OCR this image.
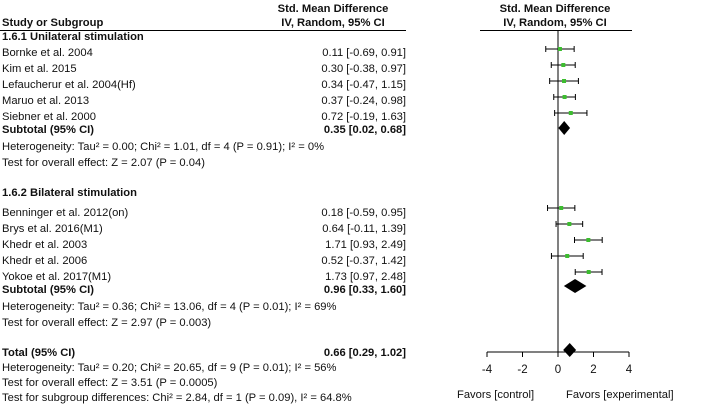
Study or Subgroup
Std. Mean Difference
IV, Random, 95% CI
Std. Mean Difference
IV, Random, 95% CI
1.6.1 Unilateral stimulation
Bornke et al. 2004	0.11 [-0.69, 0.91]
Kim et al. 2015	0.30 [-0.38, 0.97]
Lefaucherur et al. 2004(Hf)	0.34 [-0.47, 1.15]
Maruo et al. 2013	0.37 [-0.24, 0.98]
Siebner et al. 2000	0.72 [-0.19, 1.63]
Subtotal (95% CI)	0.35 [0.02, 0.68]
Heterogeneity: Tau² = 0.00; Chi² = 1.01, df = 4 (P = 0.91); I² = 0%
Test for overall effect: Z = 2.07 (P = 0.04)
1.6.2 Bilateral stimulation
Benninger et al. 2012(on)	0.18 [-0.59, 0.95]
Brys et al. 2016(M1)	0.64 [-0.11, 1.39]
Khedr et al. 2003	1.71 [0.93, 2.49]
Khedr et al. 2006	0.52 [-0.37, 1.42]
Yokoe et al. 2017(M1)	1.73 [0.97, 2.48]
Subtotal (95% CI)	0.96 [0.33, 1.60]
Heterogeneity: Tau² = 0.36; Chi² = 13.06, df = 4 (P = 0.01); I² = 69%
Test for overall effect: Z = 2.97 (P = 0.003)
Total (95% CI)	0.66 [0.29, 1.02]
Heterogeneity: Tau² = 0.20; Chi² = 20.65, df = 9 (P = 0.01); I² = 56%
Test for overall effect: Z = 3.51 (P = 0.0005)
Test for subgroup differences: Chi² = 2.84, df = 1 (P = 0.09), I² = 64.8%
-4 -2 0	2	4
Favors [control]	Favors [experimental]
